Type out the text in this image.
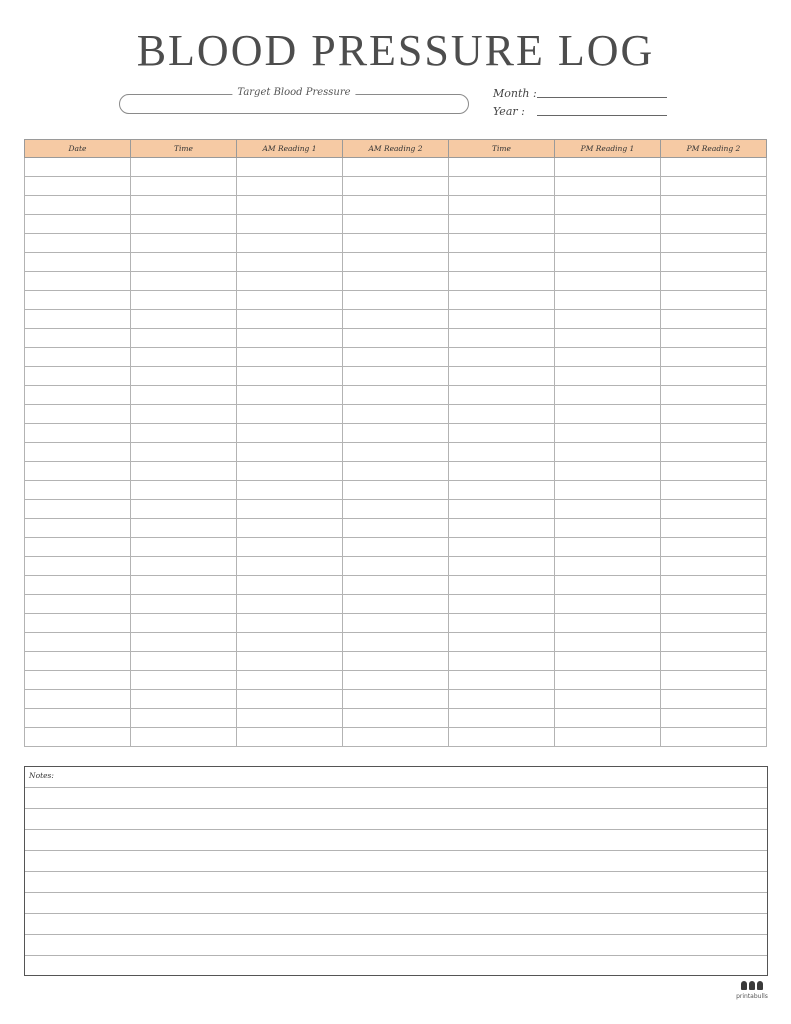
BLOOD PRESSURE LOG
Target Blood Pressure	Month :
Year :
Date	Time	AM Reading 1	AM Reading 2	Time	PM Reading 1	PM Reading 2

Notes:
printabulls
